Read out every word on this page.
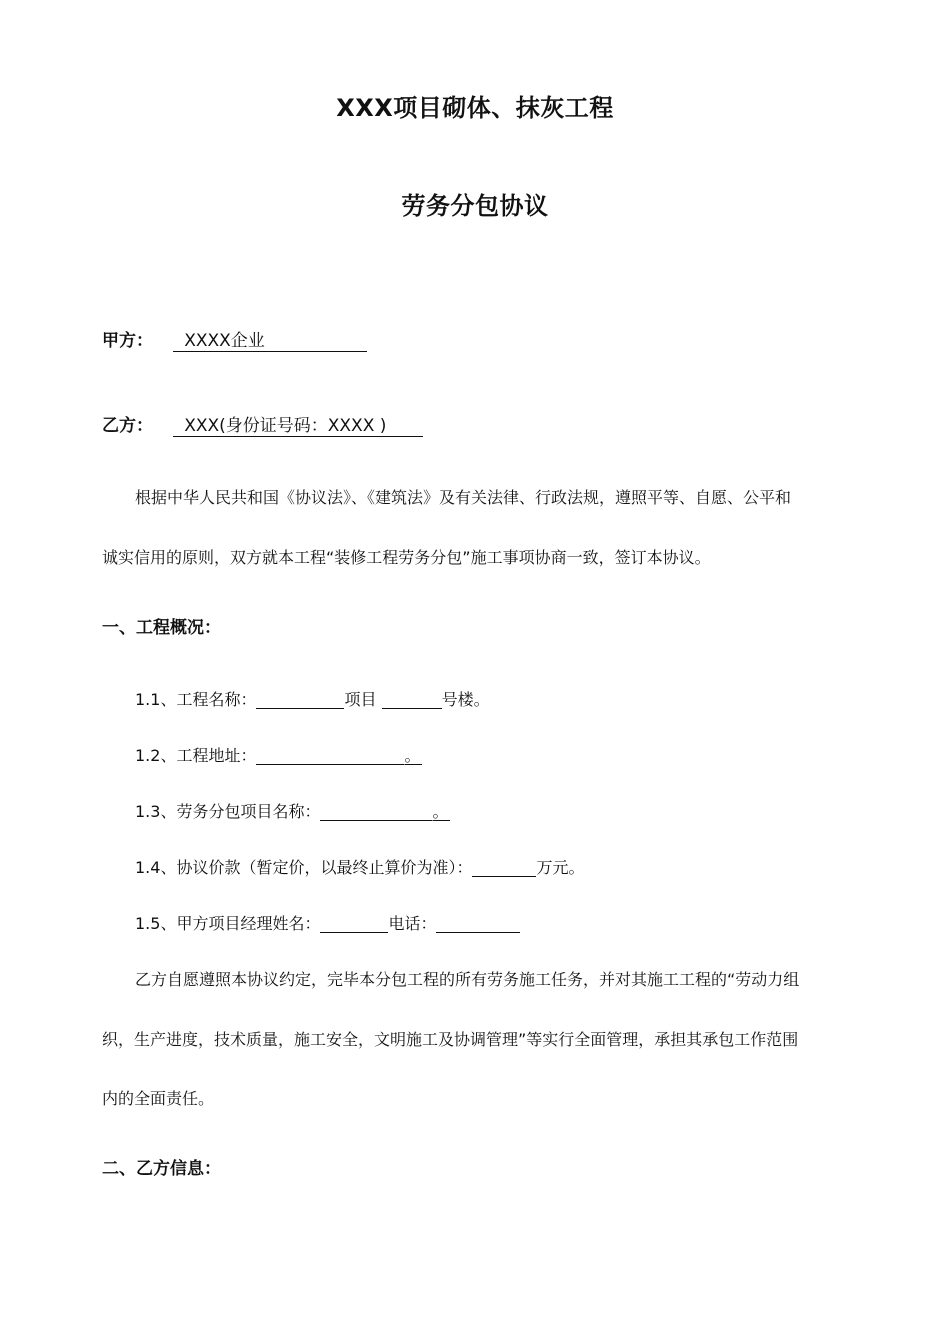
XXX项目砌体、抹灰工程
劳务分包协议
甲方： XXXX企业
乙方： XXX(身份证号码：XXXX )
根据中华人民共和国《协议法》、《建筑法》及有关法律、行政法规，遵照平等、自愿、公平和
诚实信用的原则，双方就本工程“装修工程劳务分包”施工事项协商一致，签订本协议。
一、工程概况：
1.1、工程名称：	项目	号楼。
1.2、工程地址：	。
1.3、劳务分包项目名称：	。
1.4、协议价款（暂定价，以最终止算价为准）：	万元。
1.5、甲方项目经理姓名：	电话：
乙方自愿遵照本协议约定，完毕本分包工程的所有劳务施工任务，并对其施工工程的“劳动力组
织，生产进度，技术质量，施工安全，文明施工及协调管理”等实行全面管理，承担其承包工作范围
内的全面责任。
二、乙方信息：
